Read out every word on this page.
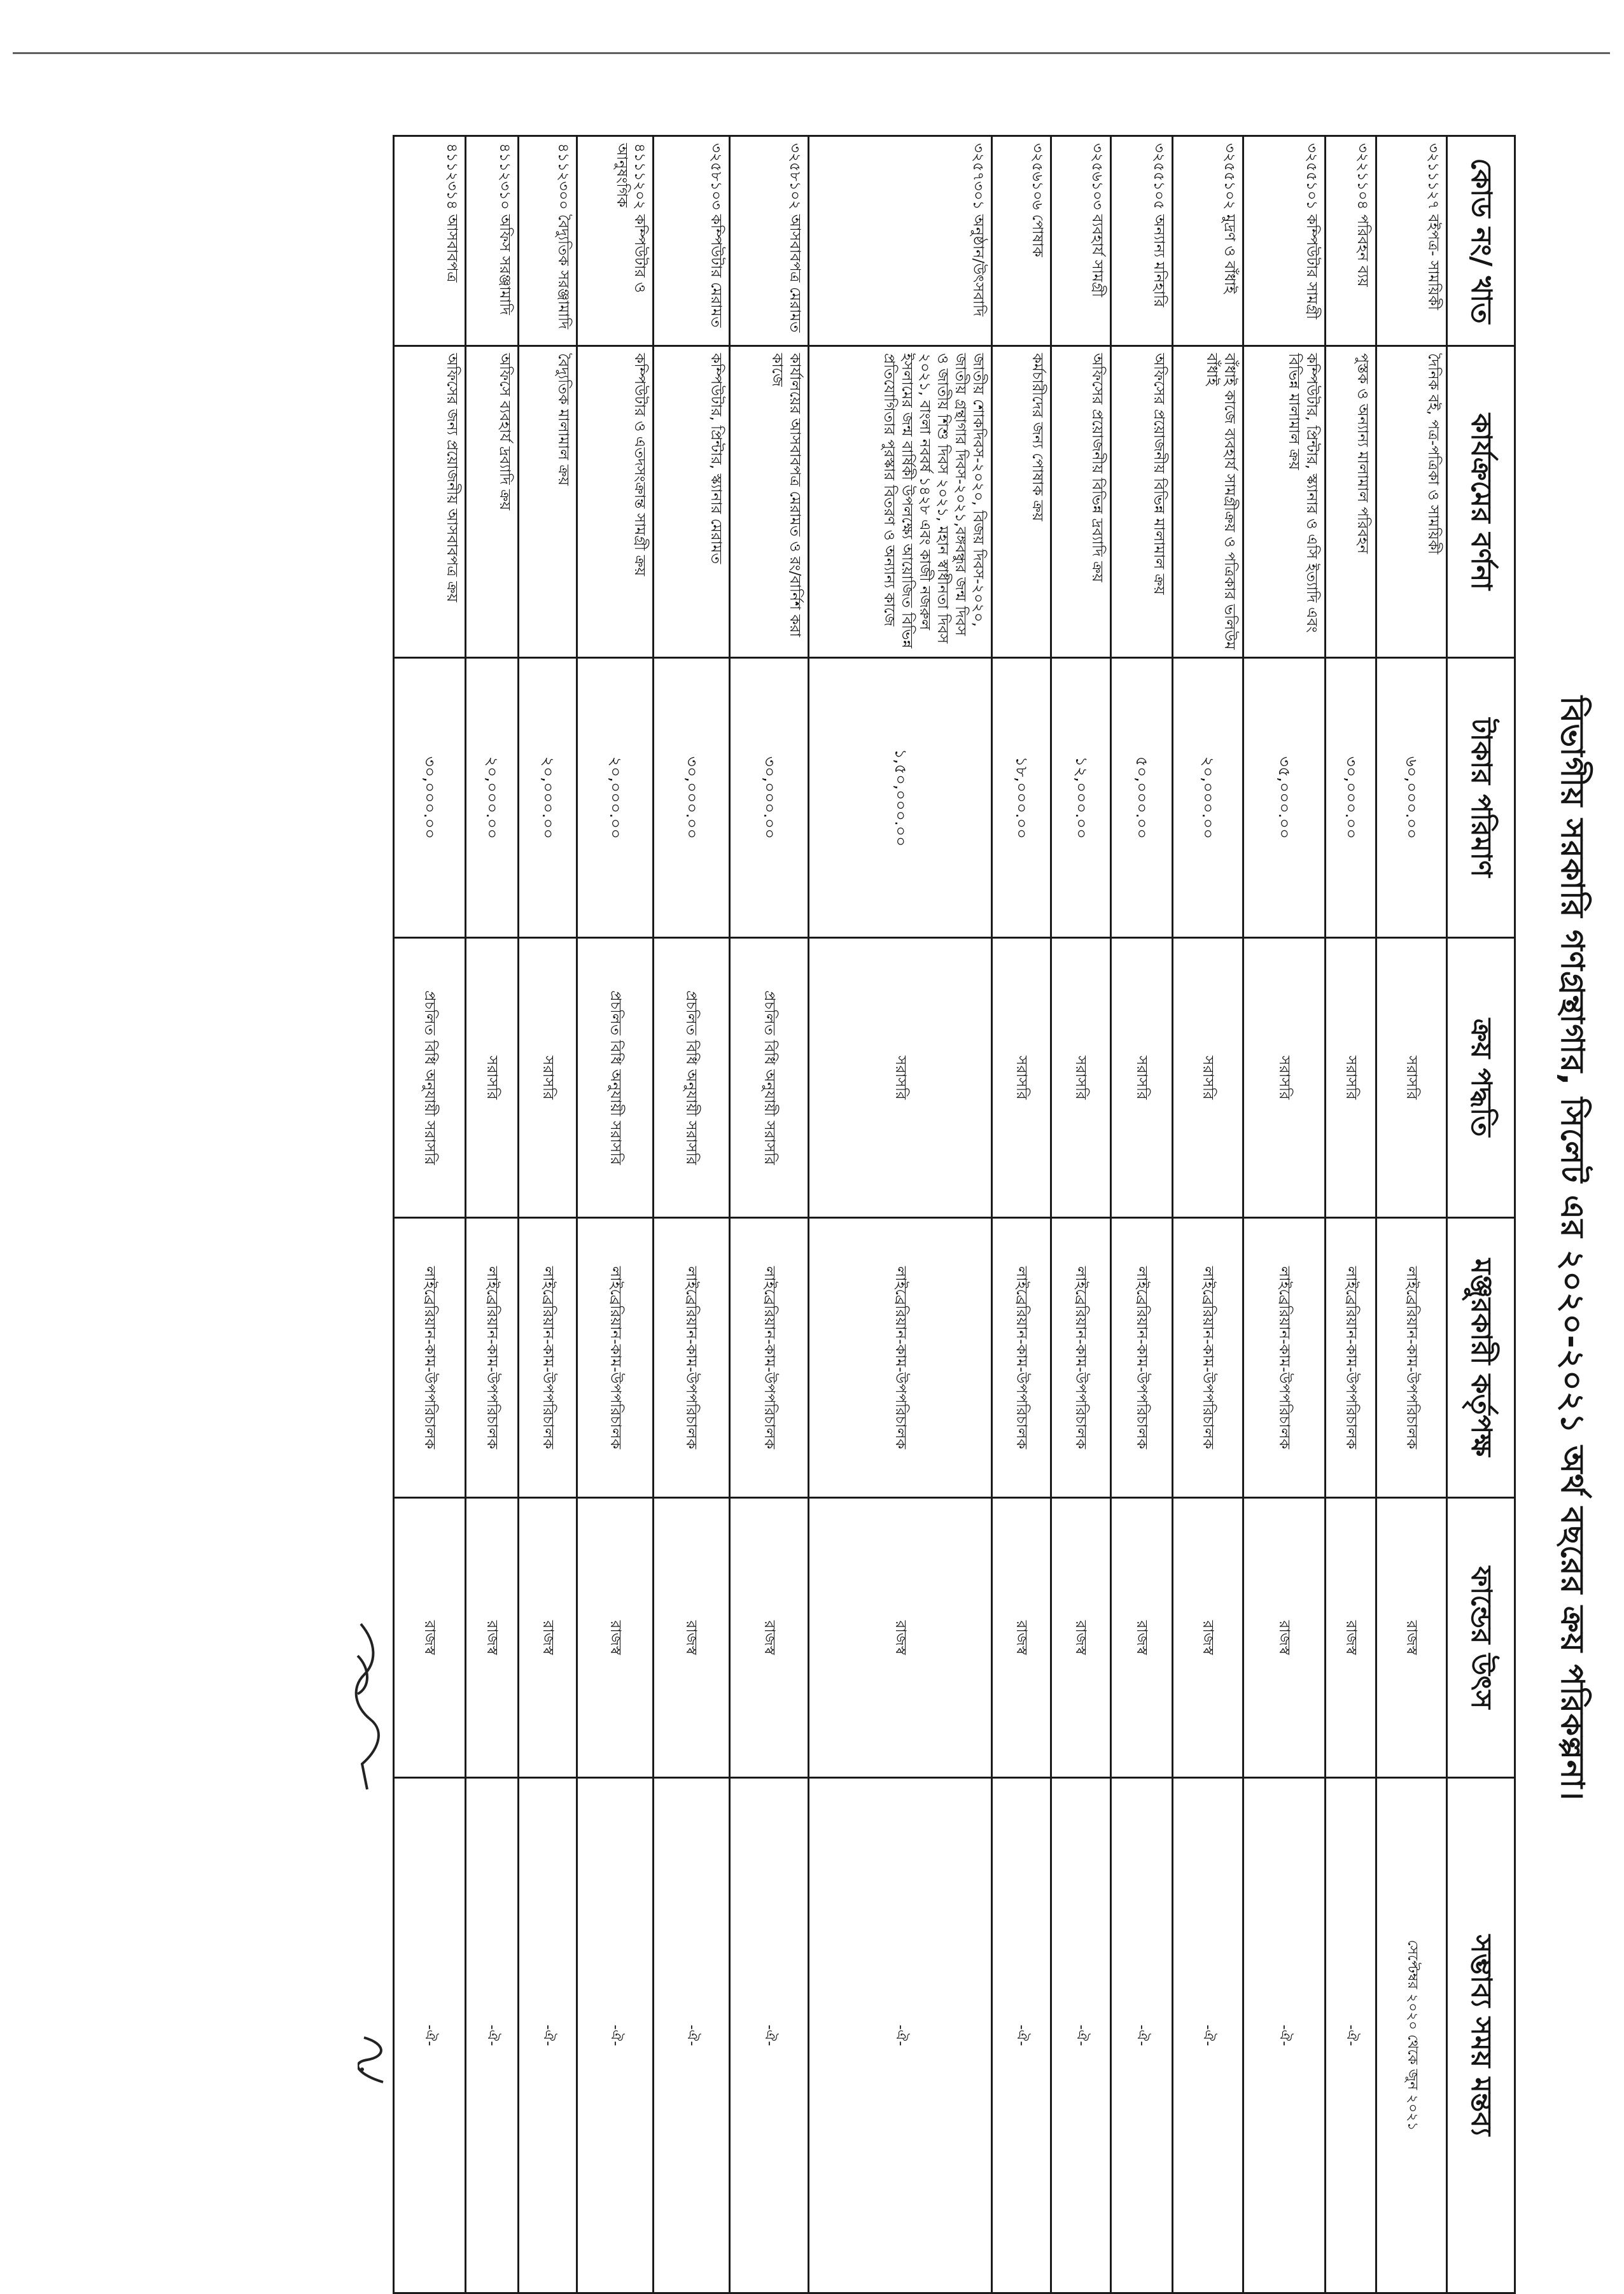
বিভাগীয় সরকারি গণগ্রন্থাগার, সিলেট এর ২০২০-২০২১ অর্থ বছরের ক্রয় পরিকল্পনা।
কোড নং/ খাত	কার্যক্রমের বর্ণনা	টাকার পরিমাণ	ক্রয় পদ্ধতি	মঞ্জুরকারী কর্তৃপক্ষ	ফান্ডের উৎস	সম্ভাব্য সময় মন্তব্য
৩২১১১২৭ বইপত্র- সাময়িকী	দৈনিক বই, পত্র-পত্রিকা ও সাময়িকী	৬০,০০০.০০	সরাসরি	লাইব্রেরিয়ান-কাম-উপপরিচালক	রাজস্ব	সেপ্টেম্বর ২০২০ থেকে জুন ২০২১
৩২২১১০৪ পরিবহন ব্যয়	পুস্তক ও অন্যান্য মালামাল পরিবহন	৩০,০০০.০০	সরাসরি	লাইব্রেরিয়ান-কাম-উপপরিচালক	রাজস্ব	-ঐ-
৩২৫৫১০১ কম্পিউটার সামগ্রী	কম্পিউটার, প্রিন্টার, স্ক্যানার ও এসি ইত্যাদি এবং বিভিন্ন মালামাল ক্রয়	৩৫,০০০.০০	সরাসরি	লাইব্রেরিয়ান-কাম-উপপরিচালক	রাজস্ব	-ঐ-
৩২৫৫১০২ মুদ্রণ ও বাঁধাই	বাঁধাই কাজে ব্যবহার্য সামগ্রীক্রয় ও পত্রিকার ভলিউম বাঁধাই	২০,০০০.০০	সরাসরি	লাইব্রেরিয়ান-কাম-উপপরিচালক	রাজস্ব	-ঐ-
৩২৫৫১০৫ অন্যান্য মনিহারি	অফিসের প্রয়োজনীয় বিভিন্ন মালামাল ক্রয়	৫০,০০০.০০	সরাসরি	লাইব্রেরিয়ান-কাম-উপপরিচালক	রাজস্ব	-ঐ-
৩২৫৬১০৩ ব্যবহার্য সামগ্রী	অফিসের প্রয়োজনীয় বিভিন্ন দ্রব্যাদি ক্রয়	১২,০০০.০০	সরাসরি	লাইব্রেরিয়ান-কাম-উপপরিচালক	রাজস্ব	-ঐ-
৩২৫৬১০৬ পোষাক	কর্মচারীদের জন্য পোষাক ক্রয়	১৮,০০০.০০	সরাসরি	লাইব্রেরিয়ান-কাম-উপপরিচালক	রাজস্ব	-ঐ-
৩২৫৭৩০১ অনুষ্ঠান/উৎসবাদি	জাতীয় শোকদিবস-২০২০, বিজয় দিবস-২০২০, জাতীয় গ্রন্থাগার দিবস-২০২১,বঙ্গবন্ধুর জন্ম দিবস ও জাতীয় শিশু দিবস ২০২১, মহান স্বাধীনতা দিবস ২০২১, বাংলা নববর্ষ ১৪২৮ এবং কাজী নজরুল ইসলামের জন্ম বার্ষিকী উপলক্ষ্যে আয়োজিত বিভিন্ন প্রতিযোগিতার পুরস্কার বিতরণ ও অন্যান্য কাজে	১,৫০,০০০.০০	সরাসরি	লাইব্রেরিয়ান-কাম-উপপরিচালক	রাজস্ব	-ঐ-
৩২৫৮১০২ আসবাবপত্র মেরামত	কার্যালয়ের আসবাবপত্র মেরামত ও রং/বার্নিশ করা কাজে	৩০,০০০.০০	প্রচলিত বিধি অনুযায়ী সরাসরি	লাইব্রেরিয়ান-কাম-উপপরিচালক	রাজস্ব	-ঐ-
৩২৫৮১০৩ কম্পিউটার মেরামত	কম্পিউটার, প্রিন্টার, স্ক্যানার মেরামত	৩০,০০০.০০	প্রচলিত বিধি অনুযায়ী সরাসরি	লাইব্রেরিয়ান-কাম-উপপরিচালক	রাজস্ব	-ঐ-
৪১১১২০২ কম্পিউটার ও আনুষংগিক	কম্পিউটার ও এতদসংক্রান্ত সামগ্রী ক্রয়	২০,০০০.০০	প্রচলিত বিধি অনুযায়ী সরাসরি	লাইব্রেরিয়ান-কাম-উপপরিচালক	রাজস্ব	-ঐ-
৪১১২৩০০ বৈদ্যুতিক সরঞ্জামাদি	বৈদ্যুতিক মালামাল ক্রয়	২০,০০০.০০	সরাসরি	লাইব্রেরিয়ান-কাম-উপপরিচালক	রাজস্ব	-ঐ-
৪১১২৩১০ অফিস সরঞ্জামাদি	অফিসে ব্যবহার্য দ্রব্যাদি ক্রয়	২০,০০০.০০	সরাসরি	লাইব্রেরিয়ান-কাম-উপপরিচালক	রাজস্ব	-ঐ-
৪১১২৩১৪ আসবাবপত্র	অফিসের জন্য প্রয়োজনীয় আসবাবপত্র ক্রয়	৩০,০০০.০০	প্রচলিত বিধি অনুযায়ী সরাসরি	লাইব্রেরিয়ান-কাম-উপপরিচালক	রাজস্ব	-ঐ-
